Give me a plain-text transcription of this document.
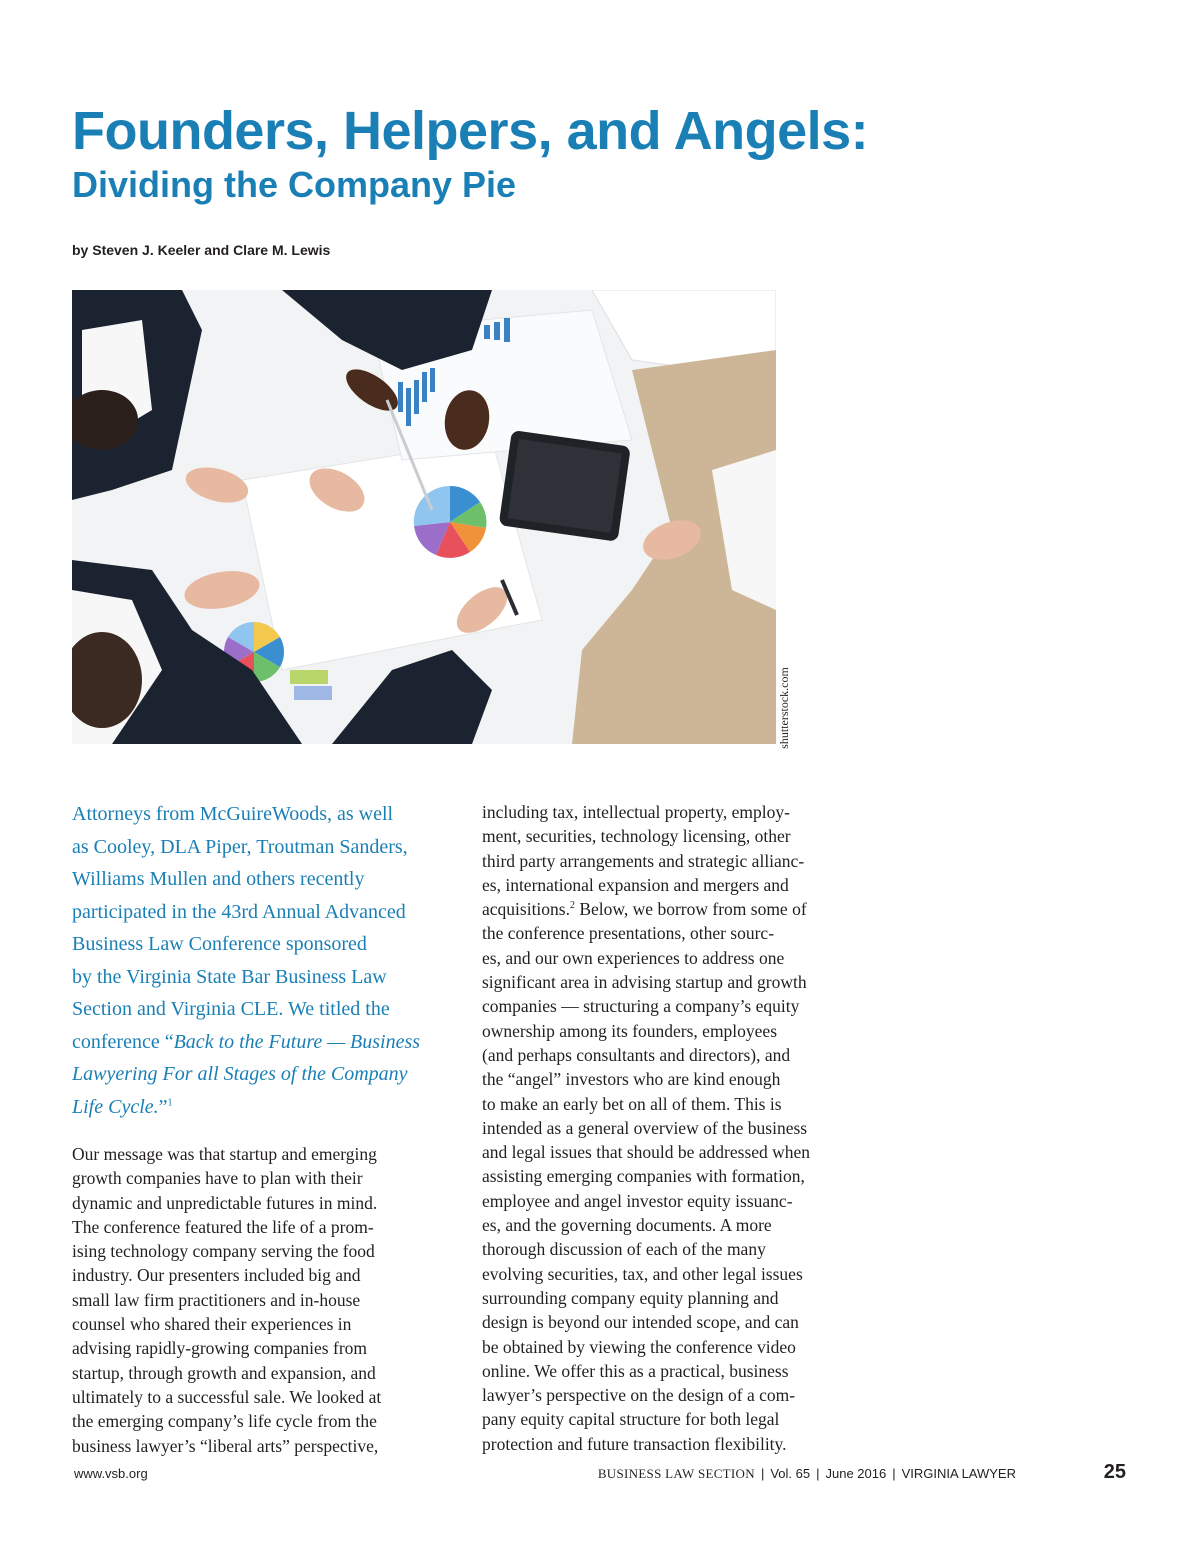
Founders, Helpers, and Angels:
Dividing the Company Pie
by Steven J. Keeler and Clare M. Lewis
shutterstock.com

Attorneys from McGuireWoods, as well
as Cooley, DLA Piper, Troutman Sanders,
Williams Mullen and others recently
participated in the 43rd Annual Advanced
Business Law Conference sponsored
by the Virginia State Bar Business Law
Section and Virginia CLE. We titled the
conference “Back to the Future — Business
Lawyering For all Stages of the Company
Life Cycle.”$^1$

Our message was that startup and emerging
growth companies have to plan with their
dynamic and unpredictable futures in mind.
The conference featured the life of a prom-
ising technology company serving the food
industry. Our presenters included big and
small law firm practitioners and in-house
counsel who shared their experiences in
advising rapidly-growing companies from
startup, through growth and expansion, and
ultimately to a successful sale. We looked at
the emerging company’s life cycle from the
business lawyer’s “liberal arts” perspective,

including tax, intellectual property, employ-
ment, securities, technology licensing, other
third party arrangements and strategic allianc-
es, international expansion and mergers and
acquisitions.$^2$ Below, we borrow from some of
the conference presentations, other sourc-
es, and our own experiences to address one
significant area in advising startup and growth
companies — structuring a company’s equity
ownership among its founders, employees
(and perhaps consultants and directors), and
the “angel” investors who are kind enough
to make an early bet on all of them. This is
intended as a general overview of the business
and legal issues that should be addressed when
assisting emerging companies with formation,
employee and angel investor equity issuanc-
es, and the governing documents. A more
thorough discussion of each of the many
evolving securities, tax, and other legal issues
surrounding company equity planning and
design is beyond our intended scope, and can
be obtained by viewing the conference video
online. We offer this as a practical, business
lawyer’s perspective on the design of a com-
pany equity capital structure for both legal
protection and future transaction flexibility.

www.vsb.org	BUSINESS LAW SECTION | Vol. 65 | June 2016 | VIRGINIA LAWYER	25
